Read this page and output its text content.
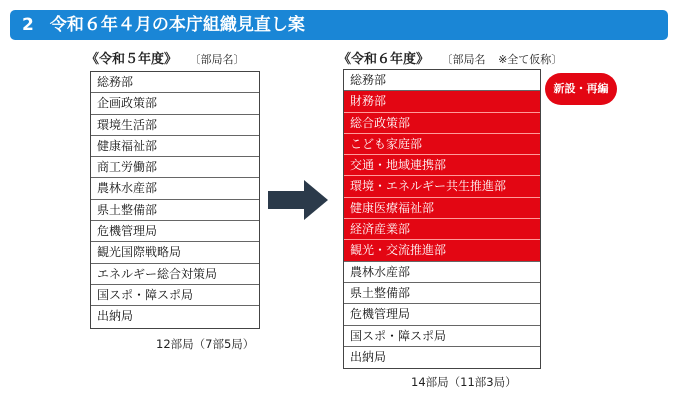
2 令和６年４月の本庁組織見直し案
《令和５年度》 〔部局名〕
総務部
企画政策部
環境生活部
健康福祉部
商工労働部
農林水産部
県土整備部
危機管理局
観光国際戦略局
エネルギー総合対策局
国スポ・障スポ局
出納局
12部局（7部5局）
《令和６年度》 〔部局名 ※全て仮称〕
総務部
財務部
総合政策部
こども家庭部
交通・地域連携部
環境・エネルギー共生推進部
健康医療福祉部
経済産業部
観光・交流推進部
農林水産部
県土整備部
危機管理局
国スポ・障スポ局
出納局
14部局（11部3局）
新設・再編
